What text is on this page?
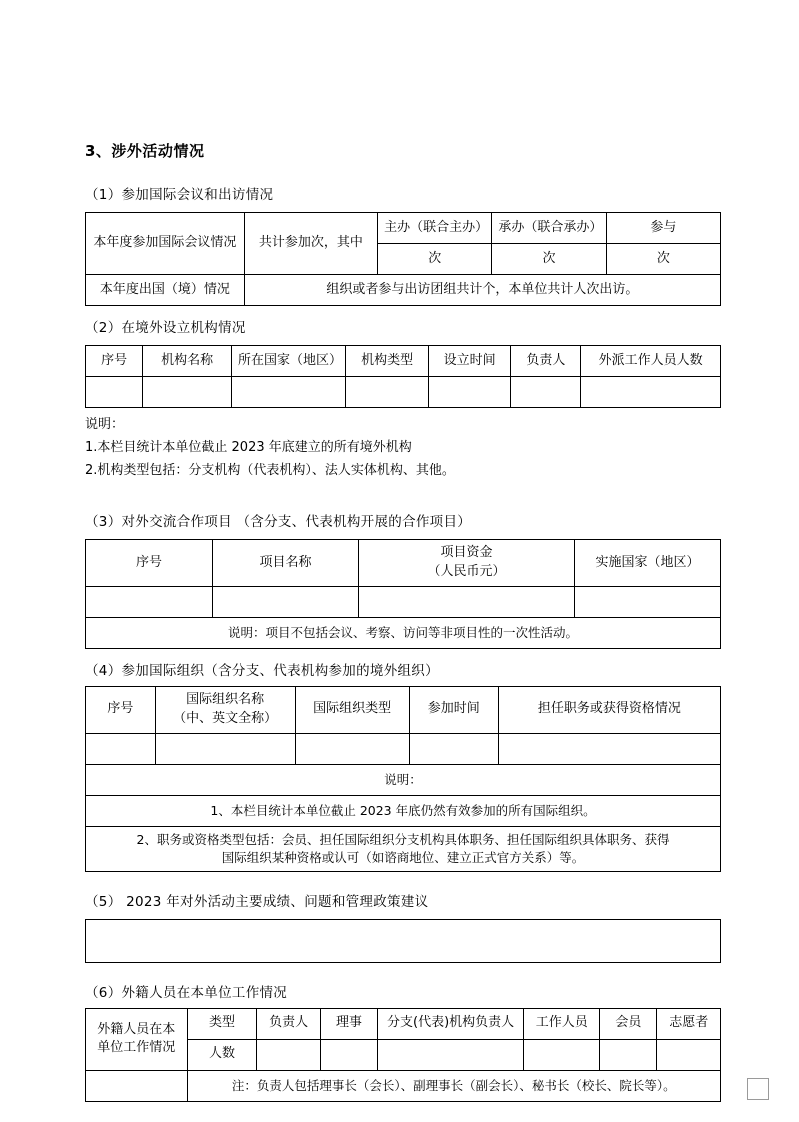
3、涉外活动情况
（1）参加国际会议和出访情况
本年度参加国际会议情况	共计参加次，其中	主办（联合主办）	承办（联合承办）	参与
		次	次	次
本年度出国（境）情况	组织或者参与出访团组共计个，本单位共计人次出访。			
（2）在境外设立机构情况
序号	机构名称	所在国家（地区）	机构类型	设立时间	负责人	外派工作人员人数

说明：
1.本栏目统计本单位截止 2023 年底建立的所有境外机构
2.机构类型包括：分支机构（代表机构）、法人实体机构、其他。
（3）对外交流合作项目 （含分支、代表机构开展的合作项目）
序号	项目名称	项目资金
（人民币元）	实施国家（地区）

说明：项目不包括会议、考察、访问等非项目性的一次性活动。			
（4）参加国际组织（含分支、代表机构参加的境外组织）
序号	国际组织名称
（中、英文全称）	国际组织类型	参加时间	担任职务或获得资格情况

说明：
1、本栏目统计本单位截止 2023 年底仍然有效参加的所有国际组织。

2、职务或资格类型包括：会员、担任国际组织分支机构具体职务、担任国际组织具体职务、获得
国际组织某种资格或认可（如谘商地位、建立正式官方关系）等。
（5） 2023 年对外活动主要成绩、问题和管理政策建议
（6）外籍人员在本单位工作情况
外籍人员在本
单位工作情况	类型	负责人	理事	分支(代表)机构负责人	工作人员	会员	志愿者
	人数						
	注：负责人包括理事长（会长）、副理事长（副会长）、秘书长（校长、院长等）。						
